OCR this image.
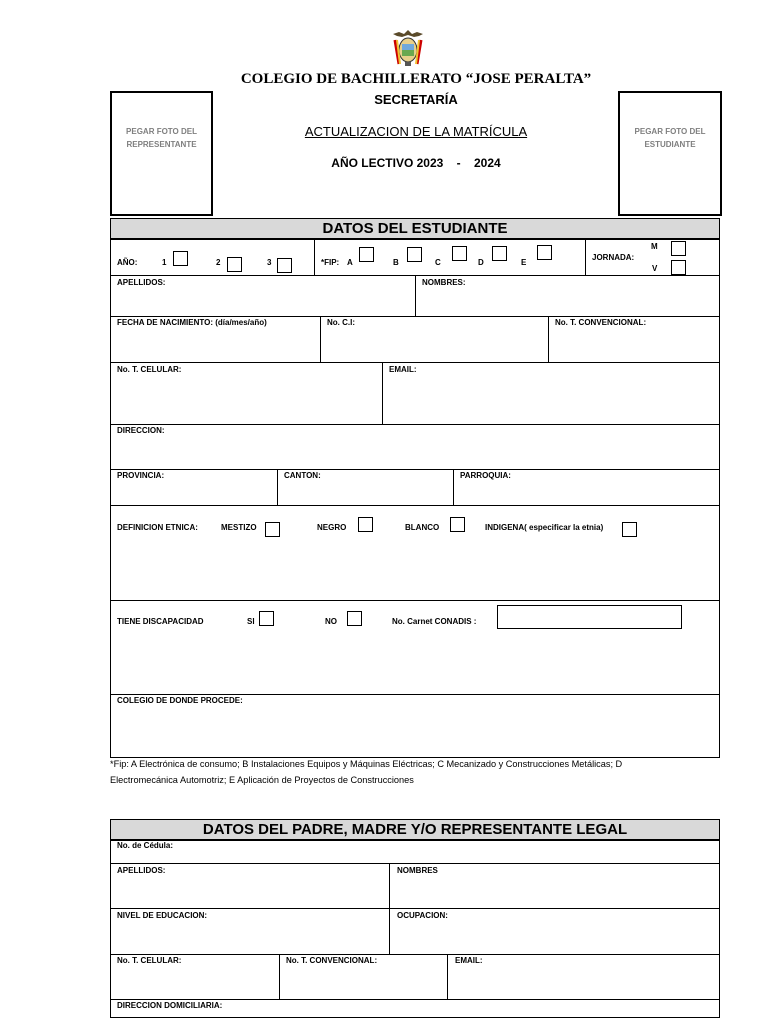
COLEGIO DE BACHILLERATO “JOSE PERALTA”
SECRETARÍA
ACTUALIZACION DE LA MATRÍCULA
AÑO LECTIVO 2023    -    2024
PEGAR FOTO DEL
REPRESENTANTE
PEGAR FOTO DEL
ESTUDIANTE
DATOS DEL ESTUDIANTE
AÑO:	1	2	3	*FIP: A	B	C	D	E
JORNADA:
M
V
APELLIDOS:	NOMBRES:
FECHA DE NACIMIENTO: (día/mes/año)	No. C.I:	No. T. CONVENCIONAL:
No. T. CELULAR:	EMAIL:
DIRECCION:
PROVINCIA:	CANTON:	PARROQUIA:
DEFINICION ETNICA:	MESTIZO	NEGRO	BLANCO	INDIGENA( especificar la etnia)
TIENE DISCAPACIDAD	SI	NO	No. Carnet CONADIS :
COLEGIO DE DONDE PROCEDE:
*Fip: A Electrónica de consumo; B Instalaciones Equipos y Máquinas Eléctricas; C Mecanizado y Construcciones Metálicas; D
Electromecánica Automotriz; E Aplicación de Proyectos de Construcciones
DATOS DEL PADRE, MADRE Y/O REPRESENTANTE LEGAL
No. de Cédula:
APELLIDOS:	NOMBRES
NIVEL DE EDUCACION:	OCUPACION:
No. T. CELULAR:	No. T. CONVENCIONAL:	EMAIL:
DIRECCION DOMICILIARIA:
